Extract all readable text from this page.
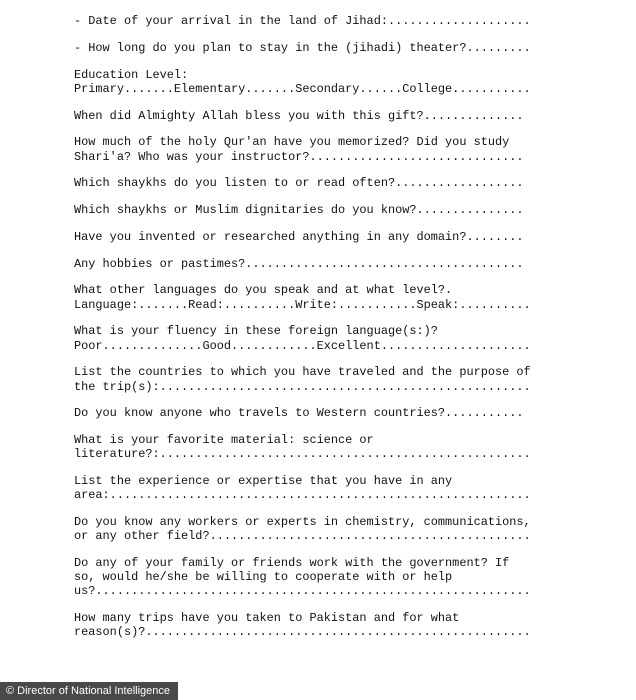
- Date of your arrival in the land of Jihad:....................
- How long do you plan to stay in the (jihadi) theater?.........
Education Level:
Primary.......Elementary.......Secondary......College...........
When did Almighty Allah bless you with this gift?..............
How much of the holy Qur'an have you memorized? Did you study
Shari'a? Who was your instructor?..............................
Which shaykhs do you listen to or read often?..................
Which shaykhs or Muslim dignitaries do you know?...............
Have you invented or researched anything in any domain?........
Any hobbies or pastimes?.......................................
What other languages do you speak and at what level?.
Language:.......Read:..........Write:...........Speak:..........
What is your fluency in these foreign language(s:)?
Poor..............Good............Excellent.....................
List the countries to which you have traveled and the purpose of
the trip(s):....................................................
Do you know anyone who travels to Western countries?...........
What is your favorite material: science or
literature?:....................................................
List the experience or expertise that you have in any
area:...........................................................
Do you know any workers or experts in chemistry, communications,
or any other field?.............................................
Do any of your family or friends work with the government? If
so, would he/she be willing to cooperate with or help
us?.............................................................
How many trips have you taken to Pakistan and for what
reason(s)?......................................................
© Director of National Intelligence
